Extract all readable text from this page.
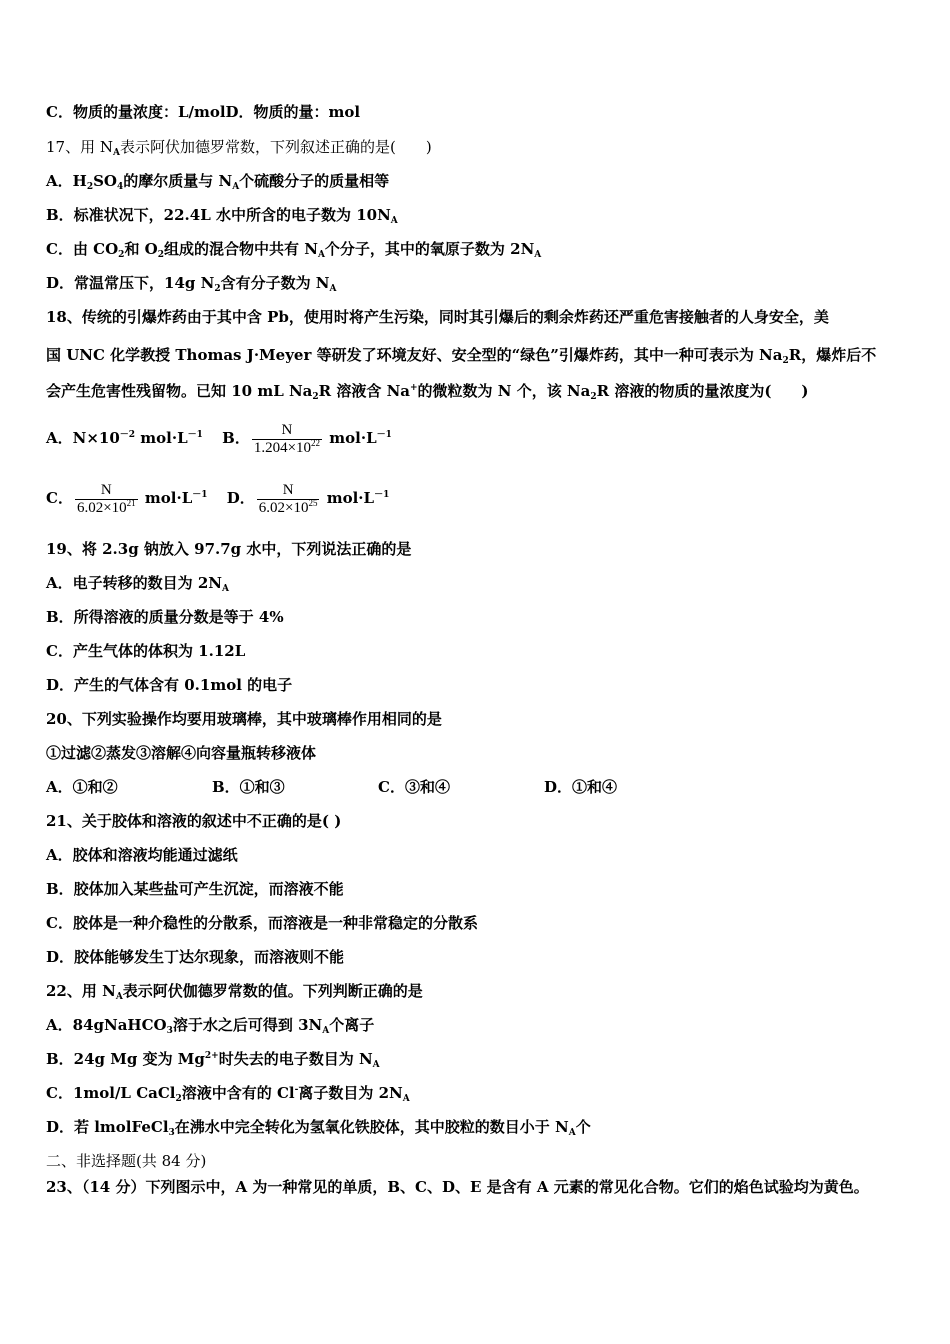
C．物质的量浓度：L/molD．物质的量：mol
17、用 $N_A$表示阿伏加德罗常数，下列叙述正确的是(　　)
A．$H_2SO_4$的摩尔质量与 $N_A$个硫酸分子的质量相等
B．标准状况下，22.4L 水中所含的电子数为 $10N_A$
C．由 $CO_2$和 $O_2$组成的混合物中共有 $N_A$个分子，其中的氧原子数为 $2N_A$
D．常温常压下，14g $N_2$含有分子数为 $N_A$
18、传统的引爆炸药由于其中含 Pb，使用时将产生污染，同时其引爆后的剩余炸药还严重危害接触者的人身安全，美
国 UNC 化学教授 Thomas J·Meyer 等研发了环境友好、安全型的“绿色”引爆炸药，其中一种可表示为 $Na_2R$，爆炸后不
会产生危害性残留物。已知 10 mL $Na_2R$ 溶液含 Na+的微粒数为 N 个，该 $Na_2R$ 溶液的物质的量浓度为(　　)
A．$N\times 10^{-2}$ $mol\cdot L^{-1}$ B． $\frac{N}{1.204\times 10^{22}} mol\cdot L^{-1}$
C． $\frac{N}{6.02\times 10^{21}} mol\cdot L^{-1}$ D． $\frac{N}{6.02\times 10^{25}} mol\cdot L^{-1}$
19、将 2.3g 钠放入 97.7g 水中，下列说法正确的是
A．电子转移的数目为 $2N_A$
B．所得溶液的质量分数是等于 4%
C．产生气体的体积为 1.12L
D．产生的气体含有 0.1mol 的电子
20、下列实验操作均要用玻璃棒，其中玻璃棒作用相同的是
①过滤②蒸发③溶解④向容量瓶转移液体
A．①和②	B．①和③	C．③和④	D．①和④
21、关于胶体和溶液的叙述中不正确的是( )
A．胶体和溶液均能通过滤纸
B．胶体加入某些盐可产生沉淀，而溶液不能
C．胶体是一种介稳性的分散系，而溶液是一种非常稳定的分散系
D．胶体能够发生丁达尔现象，而溶液则不能
22、用 $N_A$表示阿伏伽德罗常数的值。下列判断正确的是
A．84gNaHCO$_3$溶于水之后可得到 $3N_A$个离子
B．24g Mg 变为 $Mg^{2+}$时失去的电子数目为 $N_A$
C．1mol/L CaCl$_2$溶液中含有的 Cl-离子数目为 $2N_A$
D．若 lmolFeCl$_3$在沸水中完全转化为氢氧化铁胶体，其中胶粒的数目小于 $N_A$个
二、非选择题(共 84 分)
23、（14 分）下列图示中，A 为一种常见的单质，B、C、D、E 是含有 A 元素的常见化合物。它们的焰色试验均为黄色。
